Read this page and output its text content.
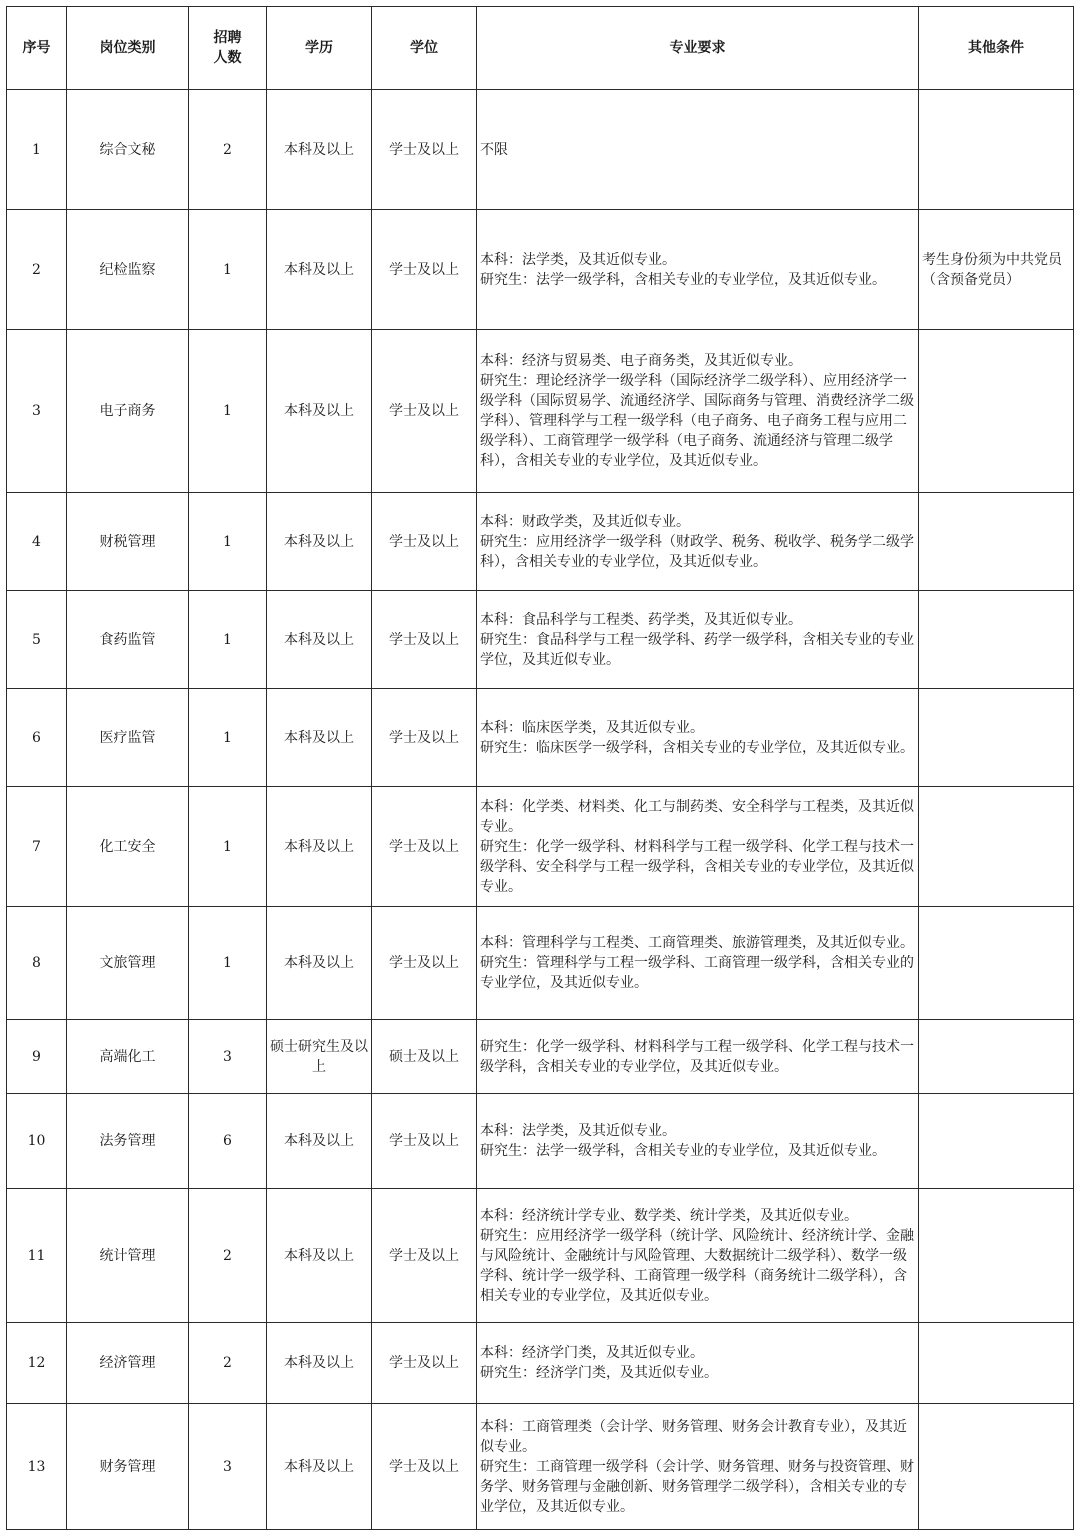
序号	岗位类别	招聘
人数	学历	学位	专业要求	其他条件
1	综合文秘	2	本科及以上	学士及以上	不限	

2	纪检监察	1	本科及以上	学士及以上	本科：法学类，及其近似专业。
研究生：法学一级学科，含相关专业的专业学位，及其近似专业。	考生身份须为中共党员（含预备党员）
3	电子商务	1	本科及以上	学士及以上	本科：经济与贸易类、电子商务类，及其近似专业。
研究生：理论经济学一级学科（国际经济学二级学科）、应用经济学一级学科（国际贸易学、流通经济学、国际商务与管理、消费经济学二级学科）、管理科学与工程一级学科（电子商务、电子商务工程与应用二级学科）、工商管理学一级学科（电子商务、流通经济与管理二级学科），含相关专业的专业学位，及其近似专业。	

4	财税管理	1	本科及以上	学士及以上	本科：财政学类，及其近似专业。
研究生：应用经济学一级学科（财政学、税务、税收学、税务学二级学科），含相关专业的专业学位，及其近似专业。	

5	食药监管	1	本科及以上	学士及以上	本科：食品科学与工程类、药学类，及其近似专业。
研究生：食品科学与工程一级学科、药学一级学科，含相关专业的专业学位，及其近似专业。	

6	医疗监管	1	本科及以上	学士及以上	本科：临床医学类，及其近似专业。
研究生：临床医学一级学科，含相关专业的专业学位，及其近似专业。	

7	化工安全	1	本科及以上	学士及以上	本科：化学类、材料类、化工与制药类、安全科学与工程类，及其近似专业。
研究生：化学一级学科、材料科学与工程一级学科、化学工程与技术一级学科、安全科学与工程一级学科，含相关专业的专业学位，及其近似专业。	

8	文旅管理	1	本科及以上	学士及以上	本科：管理科学与工程类、工商管理类、旅游管理类，及其近似专业。
研究生：管理科学与工程一级学科、工商管理一级学科，含相关专业的专业学位，及其近似专业。	

9	高端化工	3	硕士研究生及以上	硕士及以上	研究生：化学一级学科、材料科学与工程一级学科、化学工程与技术一级学科，含相关专业的专业学位，及其近似专业。	

10	法务管理	6	本科及以上	学士及以上	本科：法学类，及其近似专业。
研究生：法学一级学科，含相关专业的专业学位，及其近似专业。	

11	统计管理	2	本科及以上	学士及以上	本科：经济统计学专业、数学类、统计学类，及其近似专业。
研究生：应用经济学一级学科（统计学、风险统计、经济统计学、金融与风险统计、金融统计与风险管理、大数据统计二级学科）、数学一级学科、统计学一级学科、工商管理一级学科（商务统计二级学科），含相关专业的专业学位，及其近似专业。	

12	经济管理	2	本科及以上	学士及以上	本科：经济学门类，及其近似专业。
研究生：经济学门类，及其近似专业。	

13	财务管理	3	本科及以上	学士及以上	本科：工商管理类（会计学、财务管理、财务会计教育专业），及其近似专业。
研究生：工商管理一级学科（会计学、财务管理、财务与投资管理、财务学、财务管理与金融创新、财务管理学二级学科），含相关专业的专业学位，及其近似专业。	
